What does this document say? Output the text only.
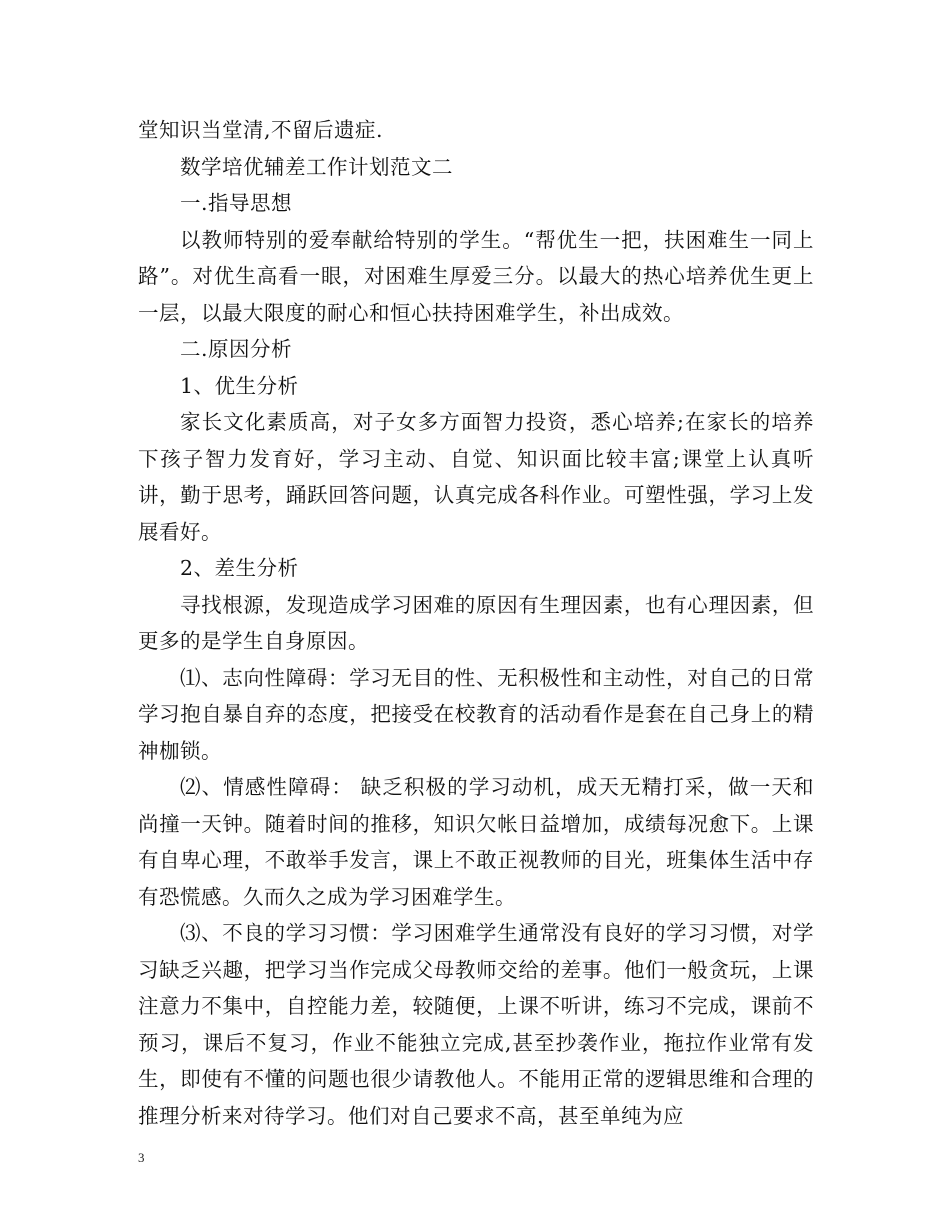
堂知识当堂清,不留后遗症.

数学培优辅差工作计划范文二

一.指导思想

以教师特别的爱奉献给特别的学生。“帮优生一把，扶困难生一同上路”。对优生高看一眼，对困难生厚爱三分。以最大的热心培养优生更上一层，以最大限度的耐心和恒心扶持困难学生，补出成效。

二.原因分析

1、优生分析

家长文化素质高，对子女多方面智力投资，悉心培养;在家长的培养下孩子智力发育好，学习主动、自觉、知识面比较丰富;课堂上认真听讲，勤于思考，踊跃回答问题，认真完成各科作业。可塑性强，学习上发展看好。

2、差生分析

寻找根源，发现造成学习困难的原因有生理因素，也有心理因素，但更多的是学生自身原因。

⑴、志向性障碍：学习无目的性、无积极性和主动性，对自己的日常学习抱自暴自弃的态度，把接受在校教育的活动看作是套在自己身上的精神枷锁。

⑵、情感性障碍： 缺乏积极的学习动机，成天无精打采，做一天和尚撞一天钟。随着时间的推移，知识欠帐日益增加，成绩每况愈下。上课有自卑心理，不敢举手发言，课上不敢正视教师的目光，班集体生活中存有恐慌感。久而久之成为学习困难学生。

⑶、不良的学习习惯：学习困难学生通常没有良好的学习习惯，对学习缺乏兴趣，把学习当作完成父母教师交给的差事。他们一般贪玩，上课注意力不集中，自控能力差，较随便，上课不听讲，练习不完成，课前不预习，课后不复习，作业不能独立完成,甚至抄袭作业，拖拉作业常有发生，即使有不懂的问题也很少请教他人。不能用正常的逻辑思维和合理的推理分析来对待学习。他们对自己要求不高，甚至单纯为应

3
